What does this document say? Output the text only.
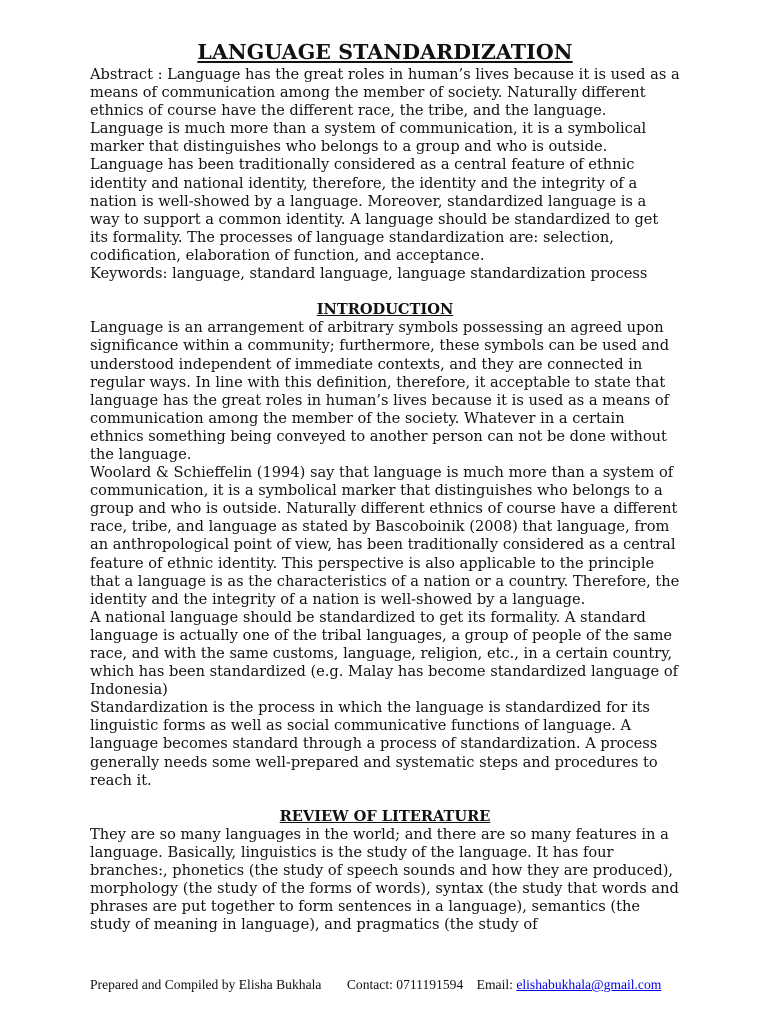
LANGUAGE STANDARDIZATION

Abstract : Language has the great roles in human’s lives because it is used as a means of communication among the member of society. Naturally different ethnics of course have the different race, the tribe, and the language.

Language is much more than a system of communication, it is a symbolical marker that distinguishes who belongs to a group and who is outside. Language has been traditionally considered as a central feature of ethnic identity and national identity, therefore, the identity and the integrity of a nation is well-showed by a language. Moreover, standardized language is a way to support a common identity. A language should be standardized to get its formality. The processes of language standardization are: selection, codification, elaboration of function, and acceptance.

Keywords: language, standard language, language standardization process

INTRODUCTION

Language is an arrangement of arbitrary symbols possessing an agreed upon significance within a community; furthermore, these symbols can be used and understood independent of immediate contexts, and they are connected in regular ways. In line with this definition, therefore, it acceptable to state that language has the great roles in human’s lives because it is used as a means of communication among the member of the society. Whatever in a certain ethnics something being conveyed to another person can not be done without the language.

Woolard & Schieffelin (1994) say that language is much more than a system of communication, it is a symbolical marker that distinguishes who belongs to a group and who is outside. Naturally different ethnics of course have a different race, tribe, and language as stated by Bascoboinik (2008) that language, from an anthropological point of view, has been traditionally considered as a central feature of ethnic identity. This perspective is also applicable to the principle that a language is as the characteristics of a nation or a country. Therefore, the identity and the integrity of a nation is well-showed by a language.

A national language should be standardized to get its formality. A standard language is actually one of the tribal languages, a group of people of the same race, and with the same customs, language, religion, etc., in a certain country, which has been standardized (e.g. Malay has become standardized language of Indonesia)

Standardization is the process in which the language is standardized for its linguistic forms as well as social communicative functions of language. A language becomes standard through a process of standardization. A process generally needs some well-prepared and systematic steps and procedures to reach it.

REVIEW OF LITERATURE

They are so many languages in the world; and there are so many features in a language. Basically, linguistics is the study of the language. It has four branches:, phonetics (the study of speech sounds and how they are produced), morphology (the study of the forms of words), syntax (the study that words and phrases are put together to form sentences in a language), semantics (the study of meaning in language), and pragmatics (the study of

Prepared and Compiled by Elisha Bukhala Contact: 0711191594 Email: elishabukhala@gmail.com
